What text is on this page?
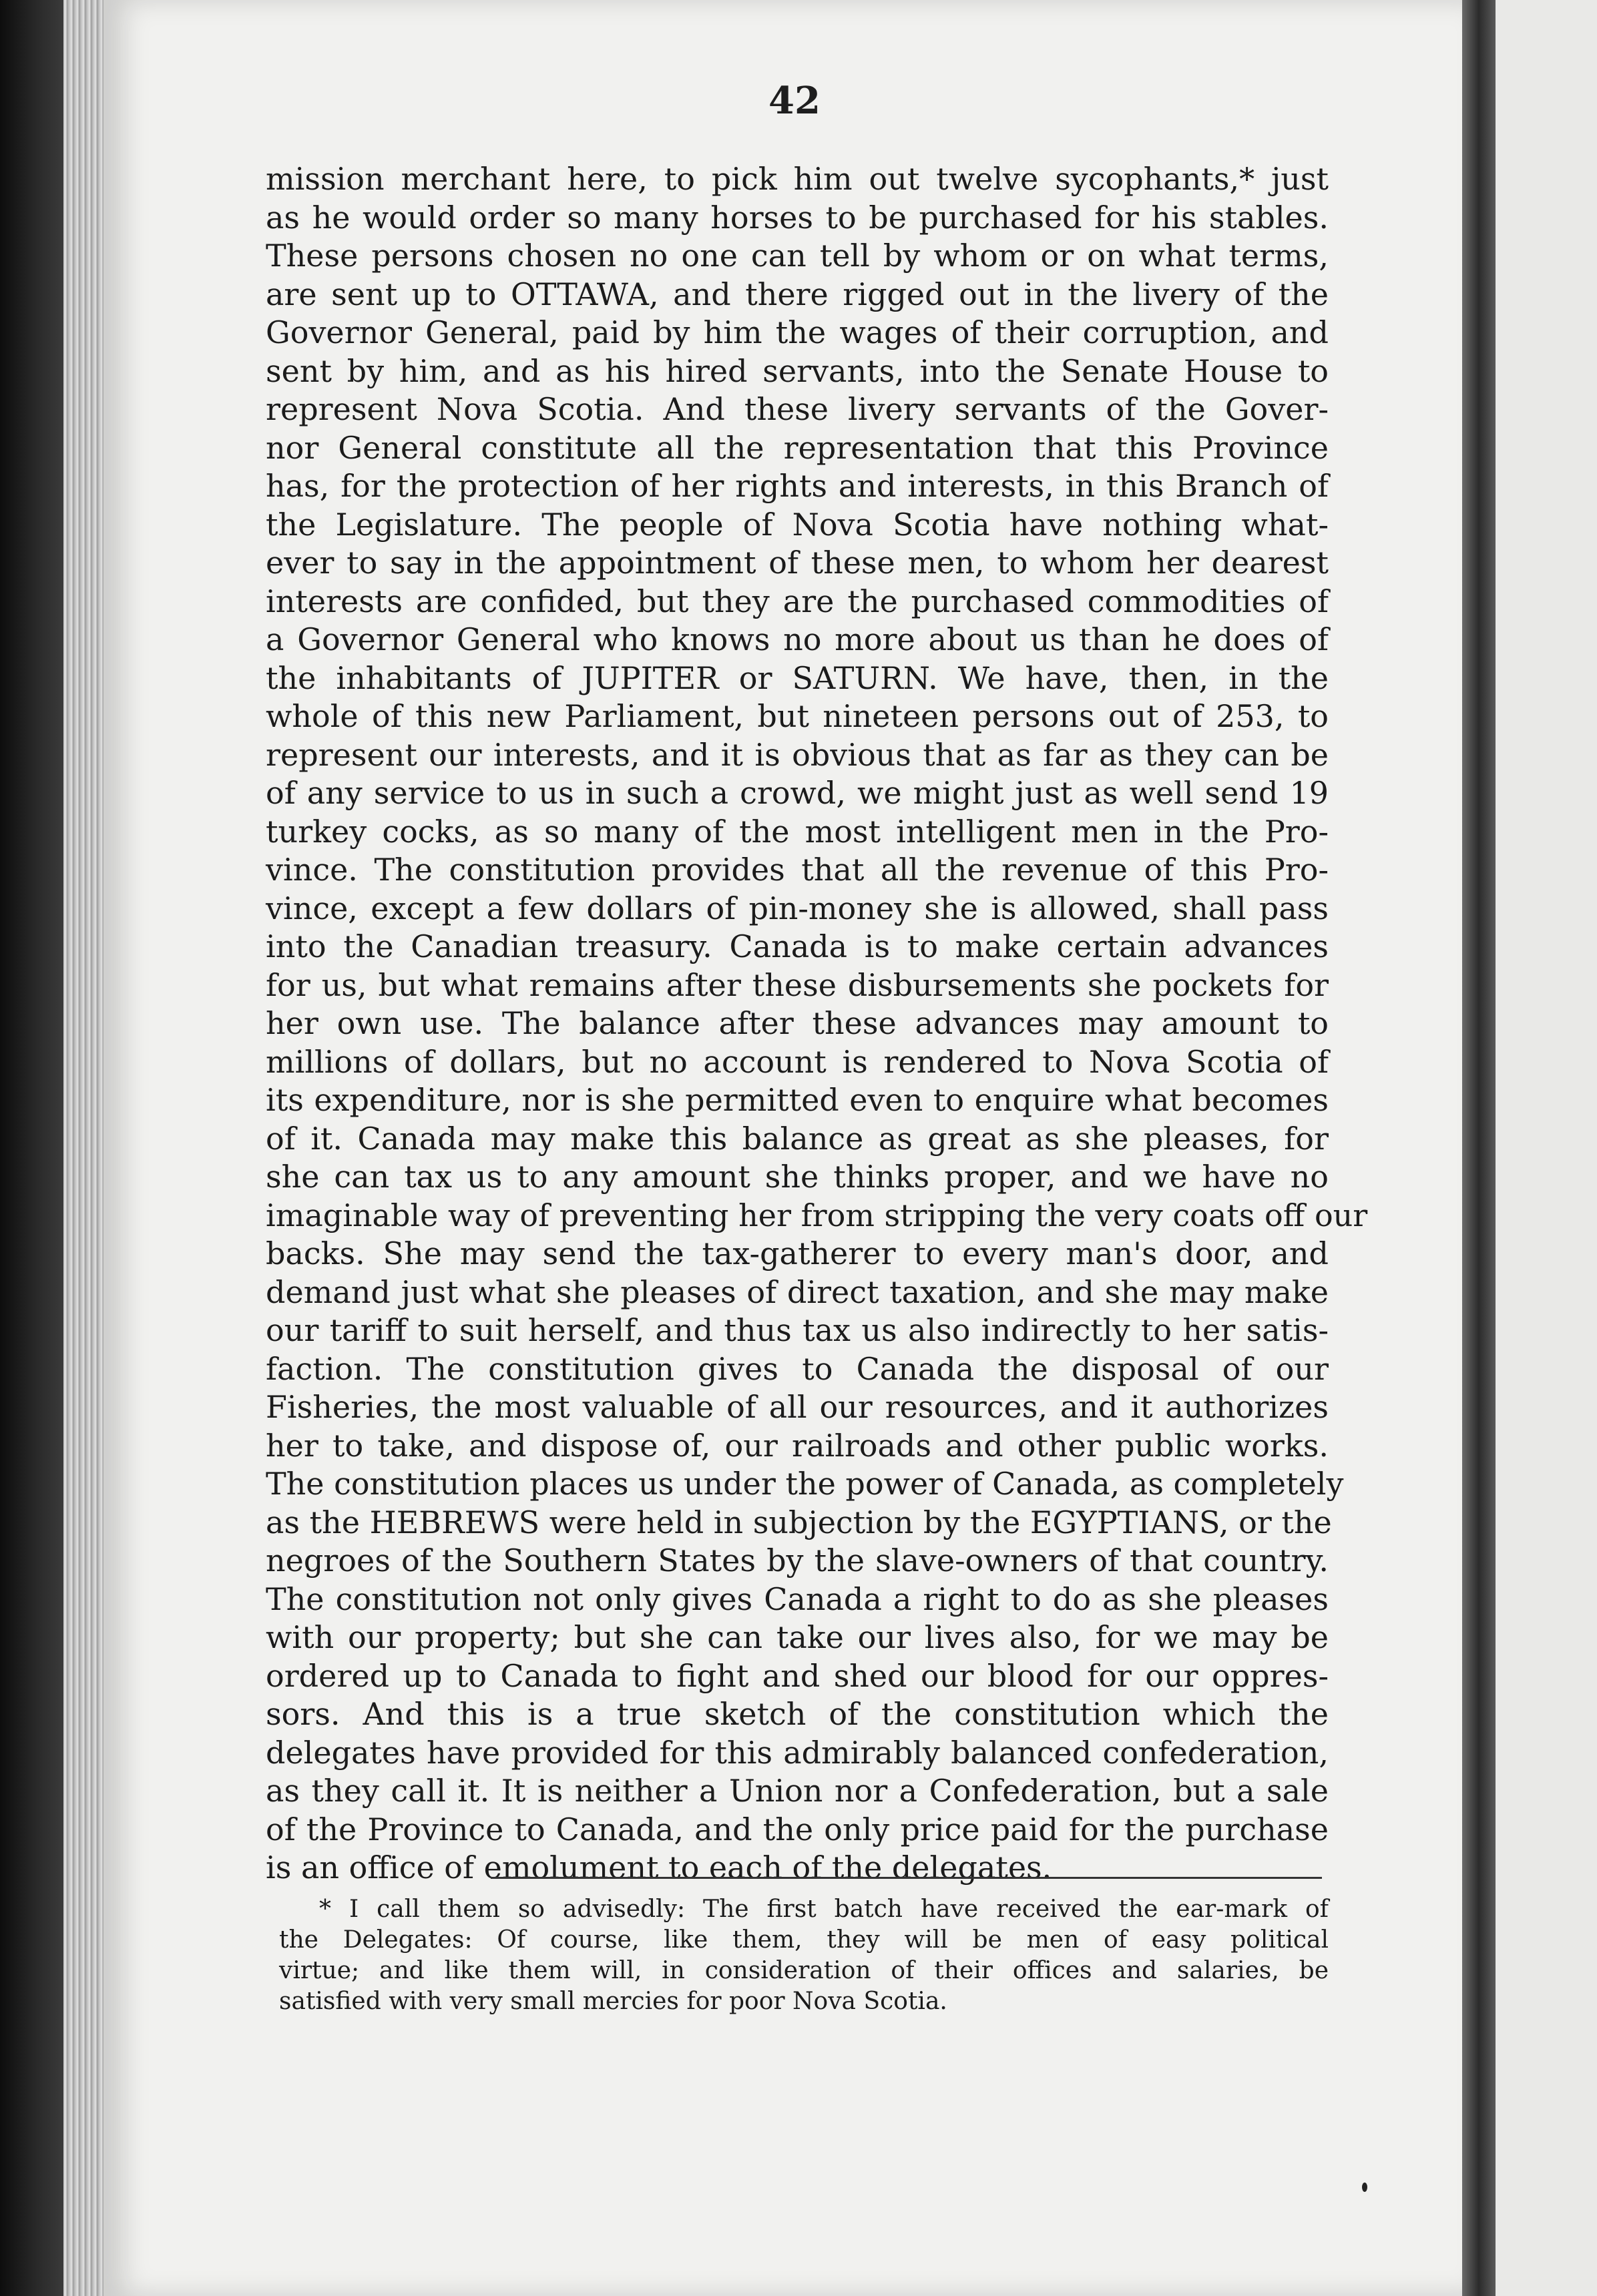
42
mission merchant here, to pick him out twelve sycophants,* just
as he would order so many horses to be purchased for his stables.
These persons chosen no one can tell by whom or on what terms,
are sent up to OTTAWA, and there rigged out in the livery of the
Governor General, paid by him the wages of their corruption, and
sent by him, and as his hired servants, into the Senate House to
represent Nova Scotia. And these livery servants of the Gover-
nor General constitute all the representation that this Province
has, for the protection of her rights and interests, in this Branch of
the Legislature. The people of Nova Scotia have nothing what-
ever to say in the appointment of these men, to whom her dearest
interests are confided, but they are the purchased commodities of
a Governor General who knows no more about us than he does of
the inhabitants of JUPITER or SATURN. We have, then, in the
whole of this new Parliament, but nineteen persons out of 253, to
represent our interests, and it is obvious that as far as they can be
of any service to us in such a crowd, we might just as well send 19
turkey cocks, as so many of the most intelligent men in the Pro-
vince. The constitution provides that all the revenue of this Pro-
vince, except a few dollars of pin-money she is allowed, shall pass
into the Canadian treasury. Canada is to make certain advances
for us, but what remains after these disbursements she pockets for
her own use. The balance after these advances may amount to
millions of dollars, but no account is rendered to Nova Scotia of
its expenditure, nor is she permitted even to enquire what becomes
of it. Canada may make this balance as great as she pleases, for
she can tax us to any amount she thinks proper, and we have no
imaginable way of preventing her from stripping the very coats off our
backs. She may send the tax-gatherer to every man's door, and
demand just what she pleases of direct taxation, and she may make
our tariff to suit herself, and thus tax us also indirectly to her satis-
faction. The constitution gives to Canada the disposal of our
Fisheries, the most valuable of all our resources, and it authorizes
her to take, and dispose of, our railroads and other public works.
The constitution places us under the power of Canada, as completely
as the HEBREWS were held in subjection by the EGYPTIANS, or the
negroes of the Southern States by the slave-owners of that country.
The constitution not only gives Canada a right to do as she pleases
with our property; but she can take our lives also, for we may be
ordered up to Canada to fight and shed our blood for our oppres-
sors. And this is a true sketch of the constitution which the
delegates have provided for this admirably balanced confederation,
as they call it. It is neither a Union nor a Confederation, but a sale
of the Province to Canada, and the only price paid for the purchase
is an office of emolument to each of the delegates.
* I call them so advisedly: The first batch have received the ear-mark of
the Delegates: Of course, like them, they will be men of easy political
virtue; and like them will, in consideration of their offices and salaries, be
satisfied with very small mercies for poor Nova Scotia.
